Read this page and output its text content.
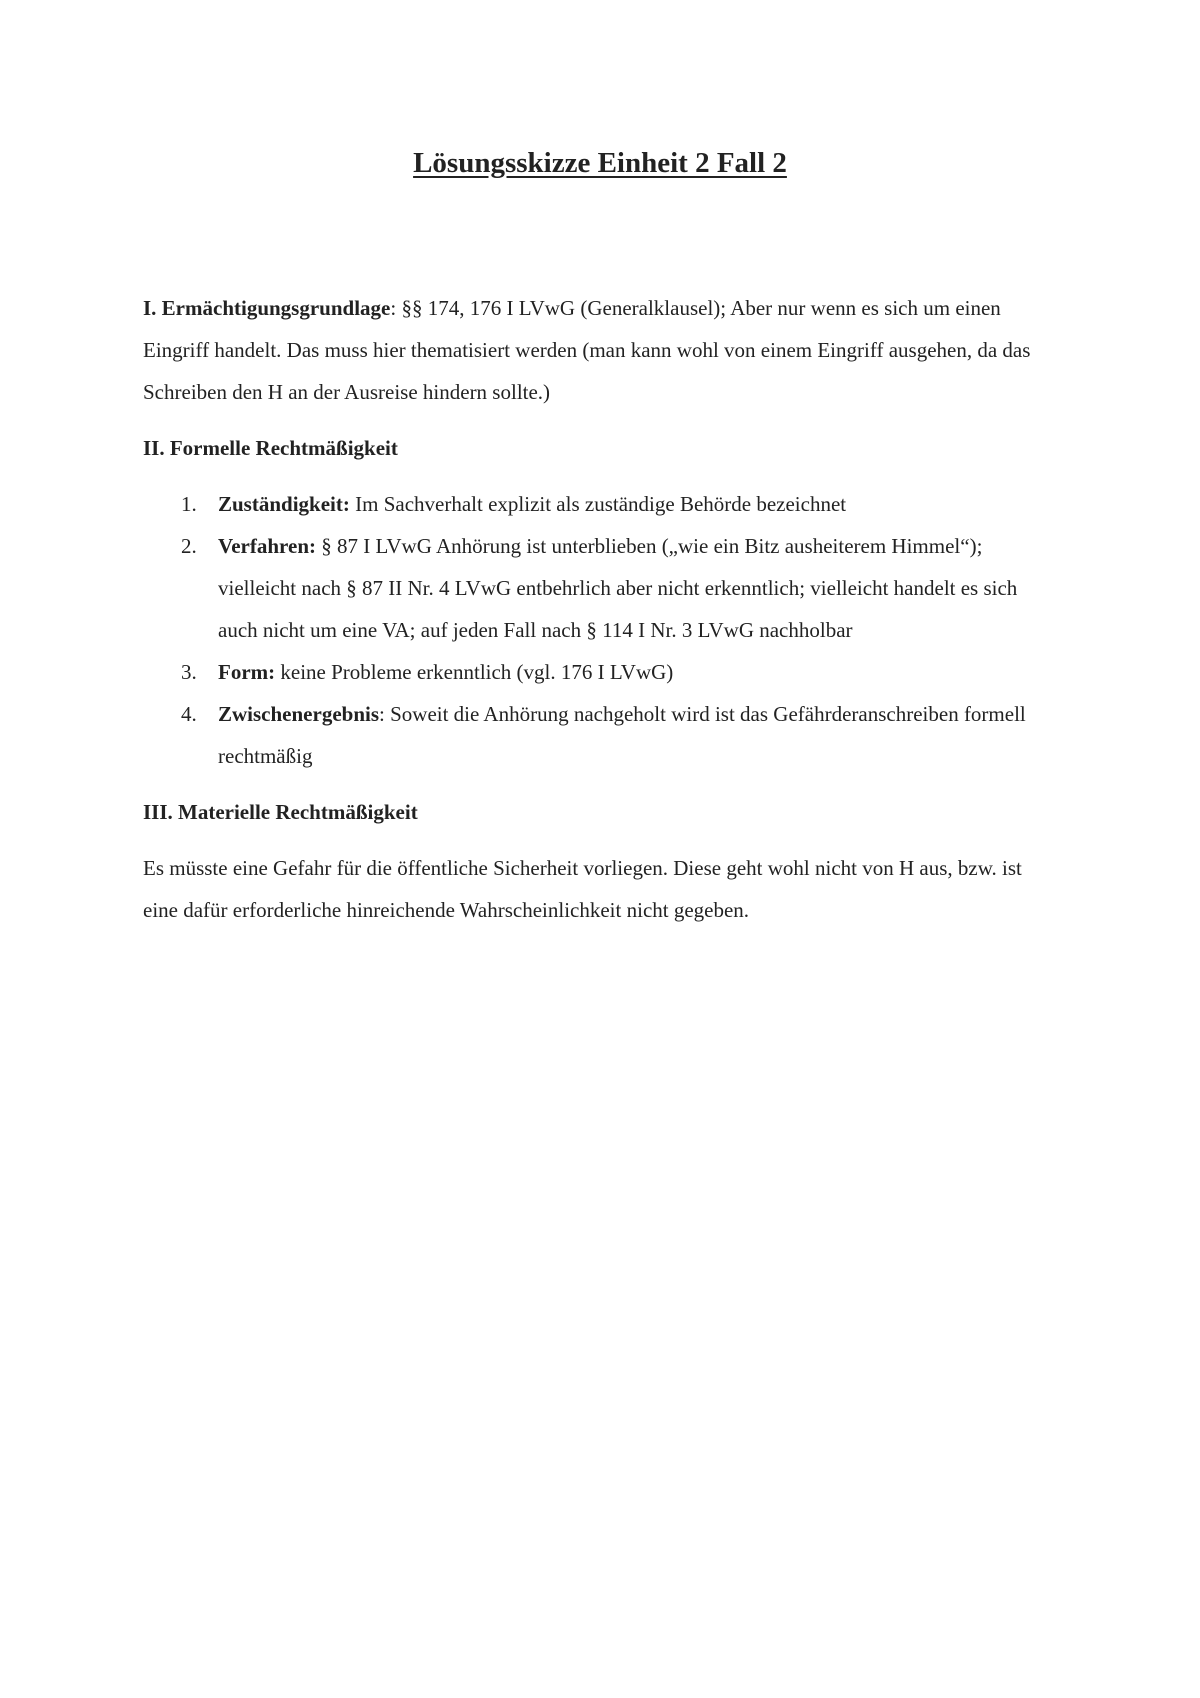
Lösungsskizze Einheit 2 Fall 2

I. Ermächtigungsgrundlage: §§ 174, 176 I LVwG (Generalklausel); Aber nur wenn es sich um einen Eingriff handelt. Das muss hier thematisiert werden (man kann wohl von einem Eingriff ausgehen, da das Schreiben den H an der Ausreise hindern sollte.)

II. Formelle Rechtmäßigkeit

1. Zuständigkeit: Im Sachverhalt explizit als zuständige Behörde bezeichnet
2. Verfahren: § 87 I LVwG Anhörung ist unterblieben („wie ein Bitz ausheiterem Himmel“); vielleicht nach § 87 II Nr. 4 LVwG entbehrlich aber nicht erkenntlich; vielleicht handelt es sich auch nicht um eine VA; auf jeden Fall nach § 114 I Nr. 3 LVwG nachholbar
3. Form: keine Probleme erkenntlich (vgl. 176 I LVwG)
4. Zwischenergebnis: Soweit die Anhörung nachgeholt wird ist das Gefährderanschreiben formell rechtmäßig

III. Materielle Rechtmäßigkeit

Es müsste eine Gefahr für die öffentliche Sicherheit vorliegen. Diese geht wohl nicht von H aus, bzw. ist eine dafür erforderliche hinreichende Wahrscheinlichkeit nicht gegeben.
